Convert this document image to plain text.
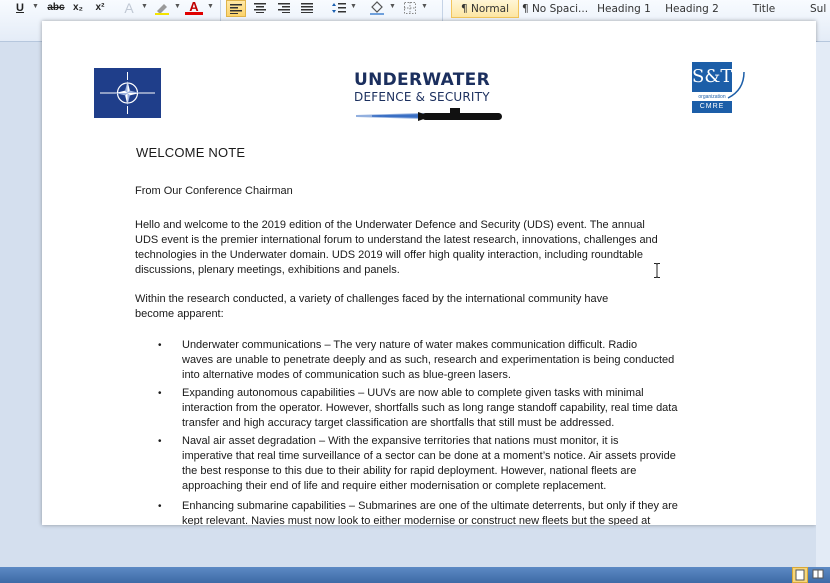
U	▼ abc x₂	x²	A	▼	▼ A	▼	▼	▼	▼	¶ Normal	¶ No Spaci... Heading 1	Heading 2	Title	Sul
UNDERWATER
DEFENCE & SECURITY
S&T
organization
CMRE
WELCOME NOTE
From Our Conference Chairman
Hello and welcome to the 2019 edition of the Underwater Defence and Security (UDS) event. The annual
UDS event is the premier international forum to understand the latest research, innovations, challenges and
technologies in the Underwater domain. UDS 2019 will offer high quality interaction, including roundtable
discussions, plenary meetings, exhibitions and panels.
Within the research conducted, a variety of challenges faced by the international community have
become apparent:
• Underwater communications – The very nature of water makes communication difficult. Radio
waves are unable to penetrate deeply and as such, research and experimentation is being conducted
into alternative modes of communication such as blue-green lasers.
• Expanding autonomous capabilities – UUVs are now able to complete given tasks with minimal
interaction from the operator. However, shortfalls such as long range standoff capability, real time data
transfer and high accuracy target classification are shortfalls that still must be addressed.
• Naval air asset degradation – With the expansive territories that nations must monitor, it is
imperative that real time surveillance of a sector can be done at a moment’s notice. Air assets provide
the best response to this due to their ability for rapid deployment. However, national fleets are
approaching their end of life and require either modernisation or complete replacement.
• Enhancing submarine capabilities – Submarines are one of the ultimate deterrents, but only if they are
kept relevant. Navies must now look to either modernise or construct new fleets but the speed at
